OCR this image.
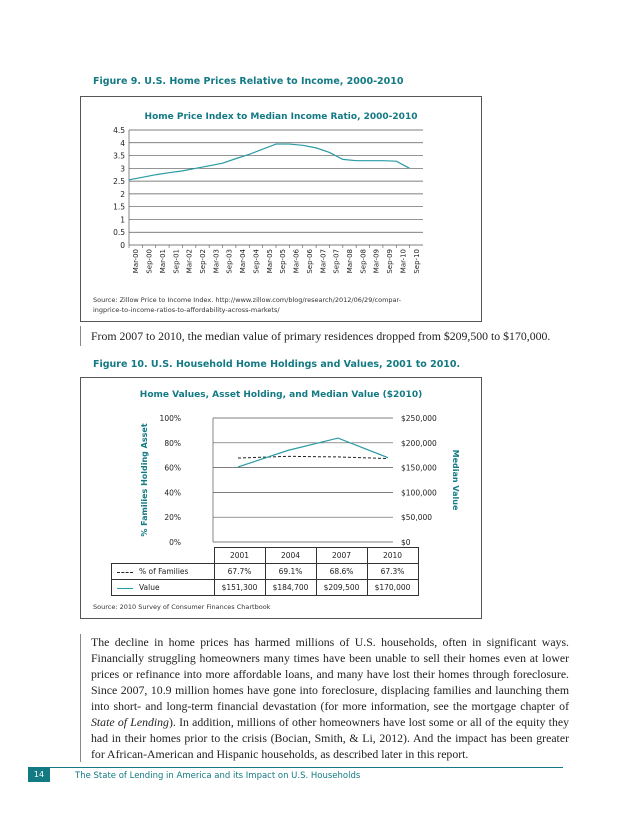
Figure 9. U.S. Home Prices Relative to Income, 2000-2010
Home Price Index to Median Income Ratio, 2000-2010
0
0.5
1
1.5
2
2.5
3
3.5
4
4.5
Mar-00 Sep-00 Mar-01 Sep-01 Mar-02 Sep-02 Mar-03 Sep-03 Mar-04 Sep-04 Mar-05 Sep-05 Mar-06 Sep-06 Mar-07 Sep-07 Mar-08 Sep-08 Mar-09 Sep-09 Mar-10 Sep-10
Source: Zillow Price to Income Index. http://www.zillow.com/blog/research/2012/06/29/compar-
ingprice-to-income-ratios-to-affordability-across-markets/
From 2007 to 2010, the median value of primary residences dropped from $209,500 to $170,000.
Figure 10. U.S. Household Home Holdings and Values, 2001 to 2010.
Home Values, Asset Holding, and Median Value ($2010)
0%
20%
40%
60%
80%
100%
$0
$50,000
$100,000
$150,000
$200,000
$250,000
% Families Holding Asset	Median Value
	2001	2004	2007	2010
% of Families	67.7%	69.1%	68.6%	67.3%
Value	$151,300	$184,700	$209,500	$170,000
Source: 2010 Survey of Consumer Finances Chartbook
The decline in home prices has harmed millions of U.S. households, often in significant ways. Financially struggling homeowners many times have been unable to sell their homes even at lower prices or refinance into more affordable loans, and many have lost their homes through foreclosure. Since 2007, 10.9 million homes have gone into foreclosure, displacing families and launching them into short- and long-term financial devastation (for more information, see the mortgage chapter of State of Lending). In addition, millions of other homeowners have lost some or all of the equity they had in their homes prior to the crisis (Bocian, Smith, & Li, 2012). And the impact has been greater for African-American and Hispanic households, as described later in this report.
14	The State of Lending in America and its Impact on U.S. Households
